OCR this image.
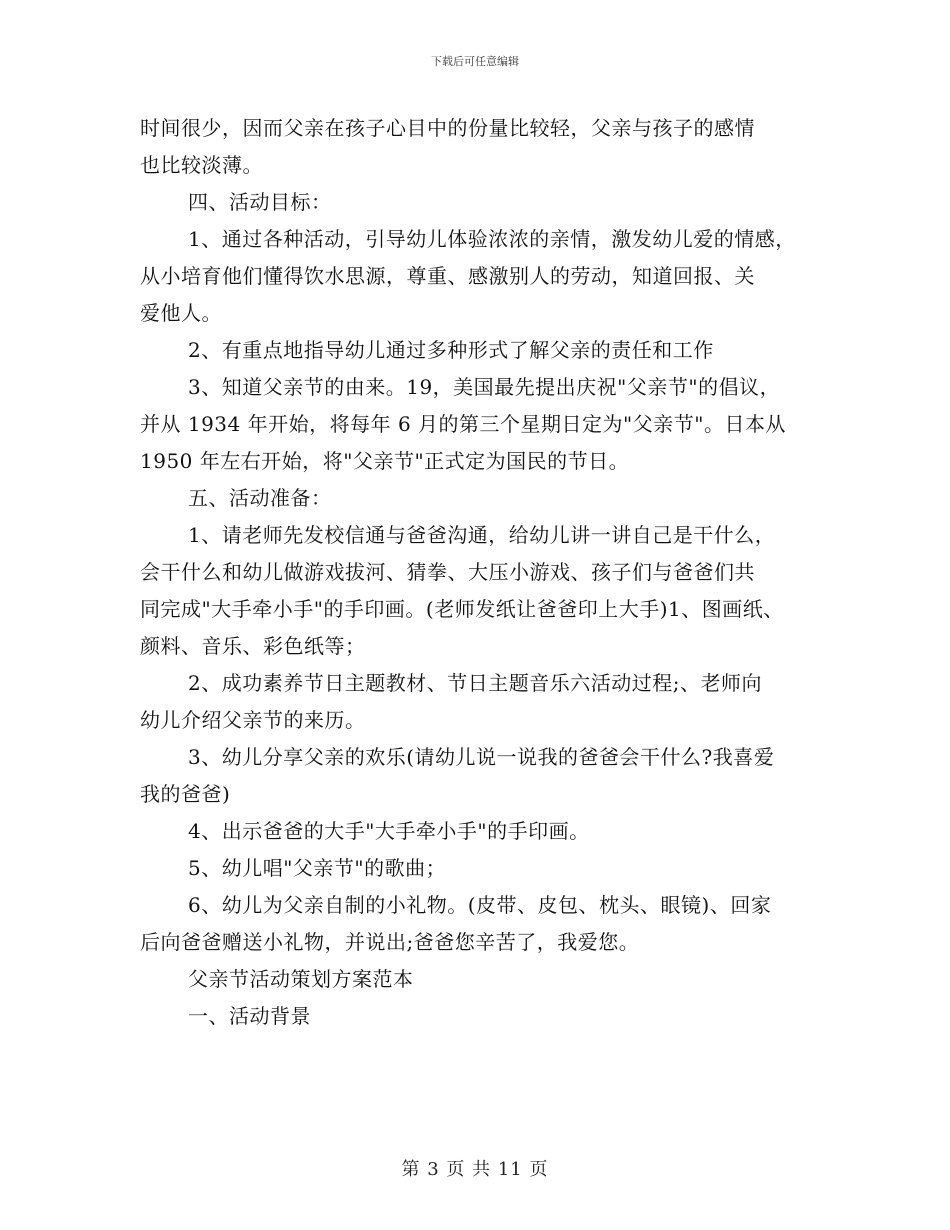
下载后可任意编辑
时间很少，因而父亲在孩子心目中的份量比较轻，父亲与孩子的感情
也比较淡薄。
四、活动目标：
1、通过各种活动，引导幼儿体验浓浓的亲情，激发幼儿爱的情感，
从小培育他们懂得饮水思源，尊重、感激别人的劳动，知道回报、关
爱他人。
2、有重点地指导幼儿通过多种形式了解父亲的责任和工作
3、知道父亲节的由来。19，美国最先提出庆祝"父亲节"的倡议，
并从 1934 年开始，将每年 6 月的第三个星期日定为"父亲节"。日本从
1950 年左右开始，将"父亲节"正式定为国民的节日。
五、活动准备：
1、请老师先发校信通与爸爸沟通，给幼儿讲一讲自己是干什么，
会干什么和幼儿做游戏拔河、猜拳、大压小游戏、孩子们与爸爸们共
同完成"大手牵小手"的手印画。(老师发纸让爸爸印上大手)1、图画纸、
颜料、音乐、彩色纸等；
2、成功素养节日主题教材、节日主题音乐六活动过程;、老师向
幼儿介绍父亲节的来历。
3、幼儿分享父亲的欢乐(请幼儿说一说我的爸爸会干什么?我喜爱
我的爸爸)
4、出示爸爸的大手"大手牵小手"的手印画。
5、幼儿唱"父亲节"的歌曲；
6、幼儿为父亲自制的小礼物。(皮带、皮包、枕头、眼镜)、回家
后向爸爸赠送小礼物，并说出;爸爸您辛苦了，我爱您。
父亲节活动策划方案范本
一、活动背景
第 3 页 共 11 页
